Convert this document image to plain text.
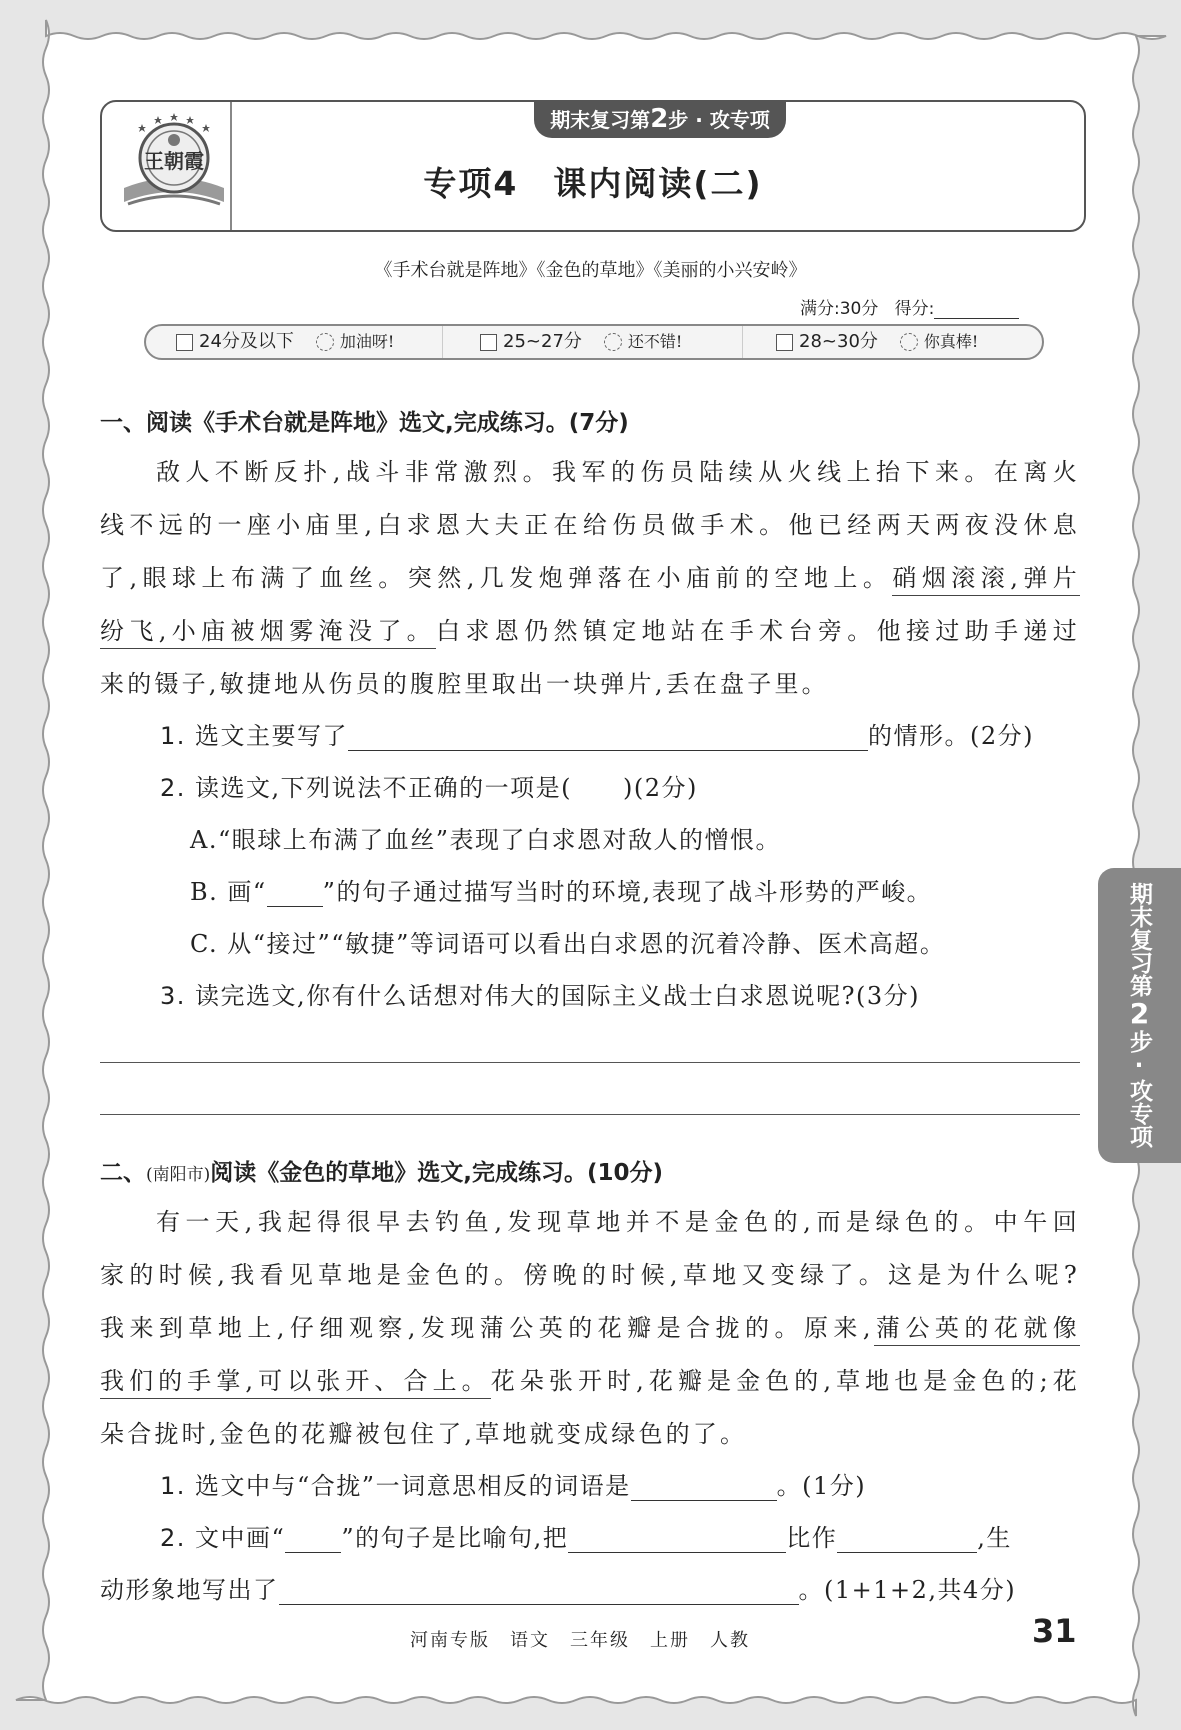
王朝霞
期末复习第2步 · 攻专项
专项4　课内阅读(二)
《手术台就是阵地》《金色的草地》《美丽的小兴安岭》
满分:30分 得分:
24分及以下	加油呀!	25~27分	还不错!	28~30分	你真棒!
期末复习第2步·攻专项
一、阅读《手术台就是阵地》选文,完成练习。(7分)

敌人不断反扑,战斗非常激烈。我军的伤员陆续从火线上抬下来。在离火

线不远的一座小庙里,白求恩大夫正在给伤员做手术。他已经两天两夜没休息

了,眼球上布满了血丝。突然,几发炮弹落在小庙前的空地上。硝烟滚滚,弹片

纷飞,小庙被烟雾淹没了。白求恩仍然镇定地站在手术台旁。他接过助手递过

来的镊子,敏捷地从伤员的腹腔里取出一块弹片,丢在盘子里。

1. 选文主要写了	的情形。(2分)
2. 读选文,下列说法不正确的一项是(　　)(2分)
A.“眼球上布满了血丝”表现了白求恩对敌人的憎恨。
B. 画“ ”的句子通过描写当时的环境,表现了战斗形势的严峻。
C. 从“接过”“敏捷”等词语可以看出白求恩的沉着冷静、医术高超。
3. 读完选文,你有什么话想对伟大的国际主义战士白求恩说呢?(3分)
二、(南阳市)阅读《金色的草地》选文,完成练习。(10分)

有一天,我起得很早去钓鱼,发现草地并不是金色的,而是绿色的。中午回

家的时候,我看见草地是金色的。傍晚的时候,草地又变绿了。这是为什么呢?

我来到草地上,仔细观察,发现蒲公英的花瓣是合拢的。原来,蒲公英的花就像

我们的手掌,可以张开、合上。花朵张开时,花瓣是金色的,草地也是金色的;花

朵合拢时,金色的花瓣被包住了,草地就变成绿色的了。

1. 选文中与“合拢”一词意思相反的词语是	。(1分)
2. 文中画“ ”的句子是比喻句,把	比作	,生
动形象地写出了	。(1+1+2,共4分)
河南专版　语文　三年级　上册　人教	31
